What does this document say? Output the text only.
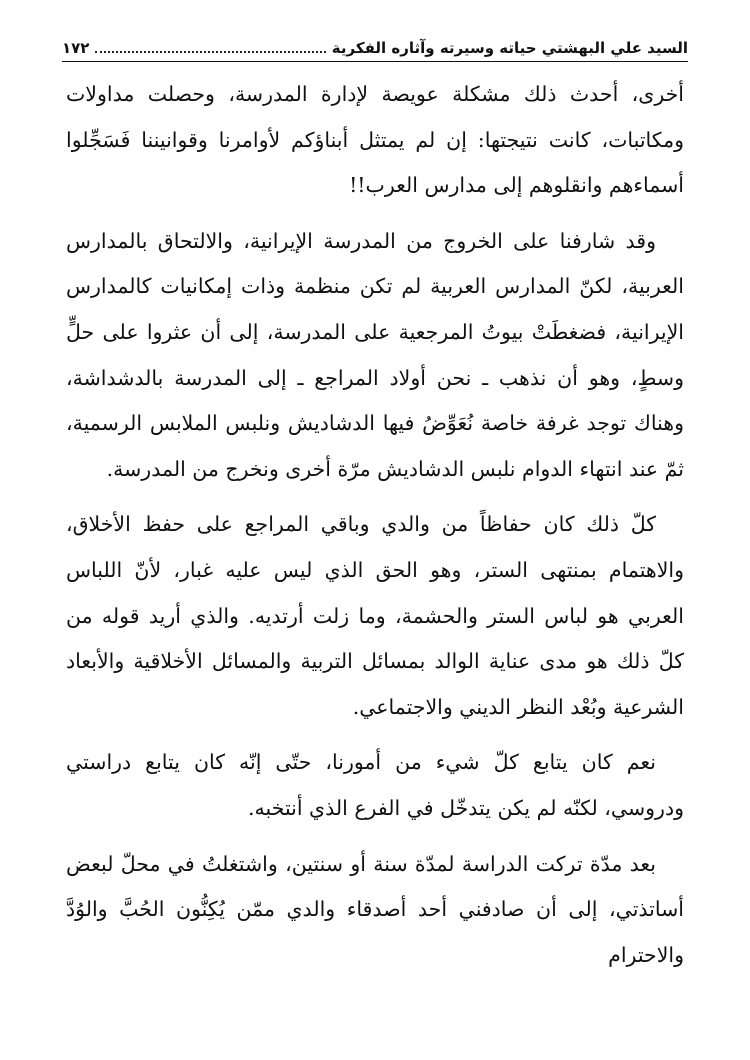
السيد علي البهشتي حياته وسيرته وآثاره الفكرية
١٧٢

أخرى، أحدث ذلك مشكلة عويصة لإدارة المدرسة، وحصلت مداولات ومكاتبات، كانت نتيجتها: إن لم يمتثل أبناؤكم لأوامرنا وقوانيننا فَسَجِّلوا أسماءهم وانقلوهم إلى مدارس العرب!!

وقد شارفنا على الخروج من المدرسة الإيرانية، والالتحاق بالمدارس العربية، لكنّ المدارس العربية لم تكن منظمة وذات إمكانيات كالمدارس الإيرانية، فضغطَتْ بيوتُ المرجعية على المدرسة، إلى أن عثروا على حلٍّ وسطٍ، وهو أن نذهب ـ نحن أولاد المراجع ـ إلى المدرسة بالدشداشة، وهناك توجد غرفة خاصة نُعَوِّضُ فيها الدشاديش ونلبس الملابس الرسمية، ثمّ عند انتهاء الدوام نلبس الدشاديش مرّة أخرى ونخرج من المدرسة.

كلّ ذلك كان حفاظاً من والدي وباقي المراجع على حفظ الأخلاق، والاهتمام بمنتهى الستر، وهو الحق الذي ليس عليه غبار، لأنّ اللباس العربي هو لباس الستر والحشمة، وما زلت أرتديه. والذي أريد قوله من كلّ ذلك هو مدى عناية الوالد بمسائل التربية والمسائل الأخلاقية والأبعاد الشرعية وبُعْد النظر الديني والاجتماعي.

نعم كان يتابع كلّ شيء من أمورنا، حتّى إنّه كان يتابع دراستي ودروسي، لكنّه لم يكن يتدخّل في الفرع الذي أنتخبه.

بعد مدّة تركت الدراسة لمدّة سنة أو سنتين، واشتغلتُ في محلّ لبعض أساتذتي، إلى أن صادفني أحد أصدقاء والدي ممّن يُكِنُّون الحُبَّ والوُدَّ والاحترام
